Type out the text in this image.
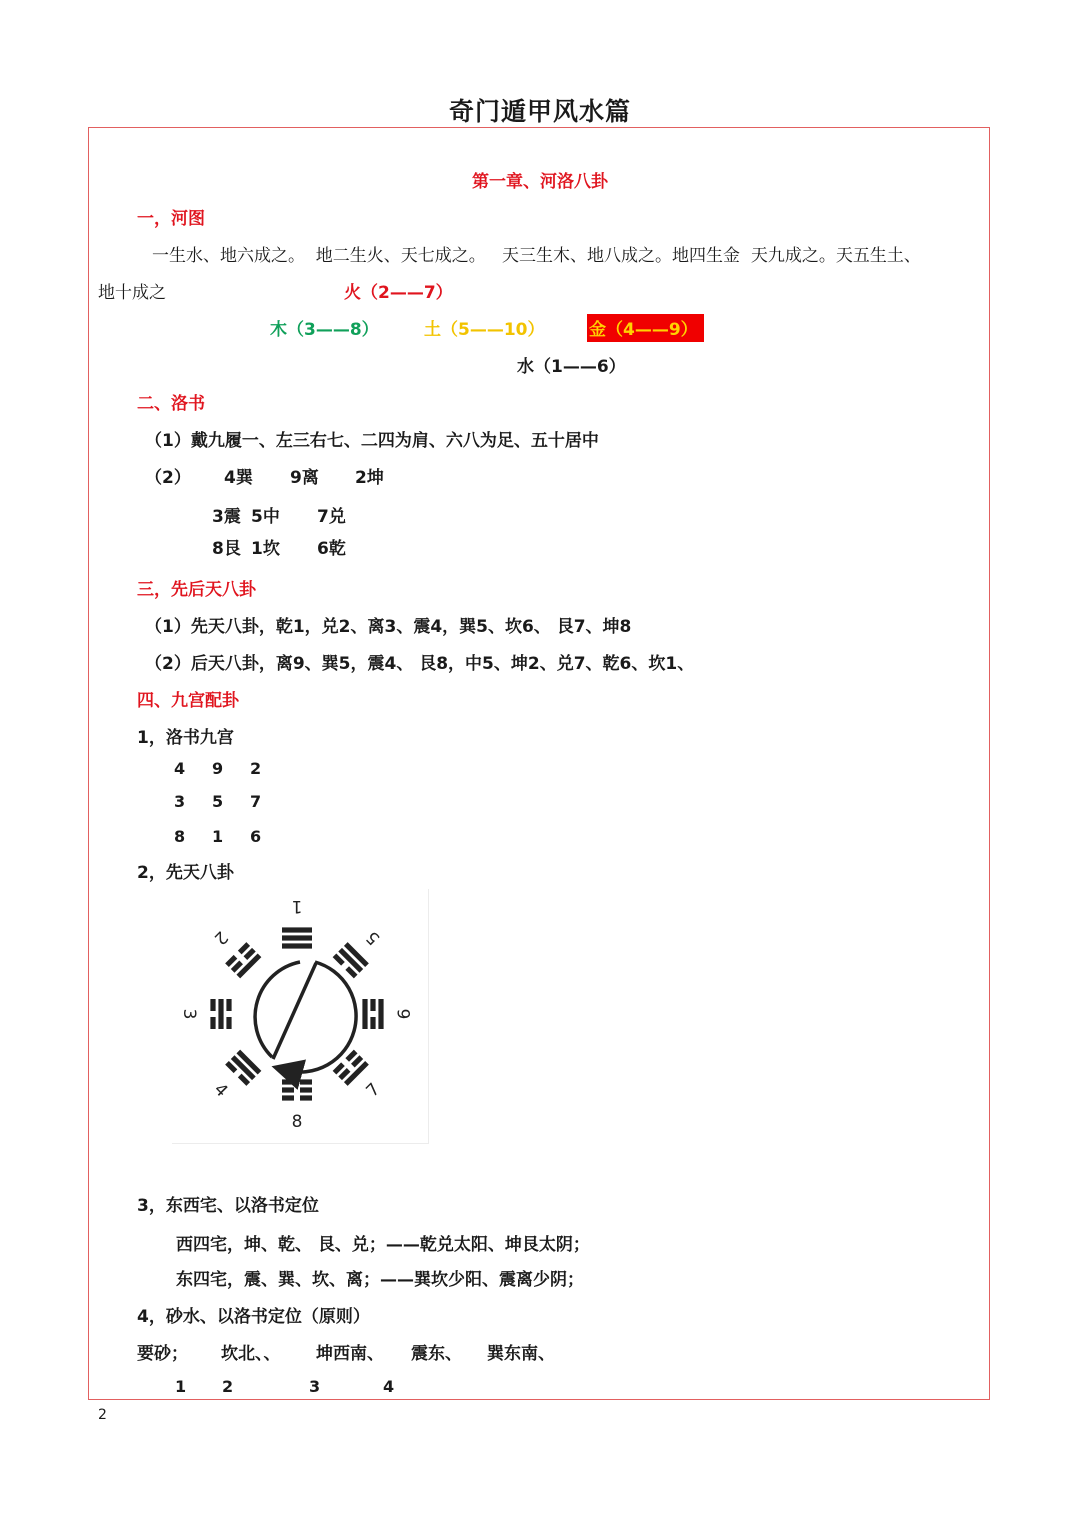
奇门遁甲风水篇
第一章、河洛八卦
一，河图
一生水、地六成之。  地二生火、天七成之。   天三生木、地八成之。地四生金  天九成之。天五生土、
地十成之	火（2——7）
木（3——8）	土（5——10）	金（4——9）
水（1——6）
二、洛书
（1）戴九履一、左三右七、二四为肩、六八为足、五十居中
（2） 4巽 9离 2坤
3震 5中 7兑
8艮 1坎 6乾
三，先后天八卦
（1）先天八卦，乾1，兑2、离3、震4，巽5、坎6、 艮7、坤8
（2）后天八卦，离9、巽5，震4、 艮8，中5、坤2、兑7、乾6、坎1、
四、九宫配卦
1，洛书九宫
4 9 2
3 5 7
8 1 6
2，先天八卦
1
5
6
7
8
4
3
2
3，东西宅、以洛书定位
西四宅，坤、乾、 艮、兑；——乾兑太阳、坤艮太阴；
东四宅，震、巽、坎、离；——巽坎少阳、震离少阴；
4，砂水、以洛书定位（原则）
要砂； 坎北、、 坤西南、 震东、 巽东南、
1 2	3	4
2
